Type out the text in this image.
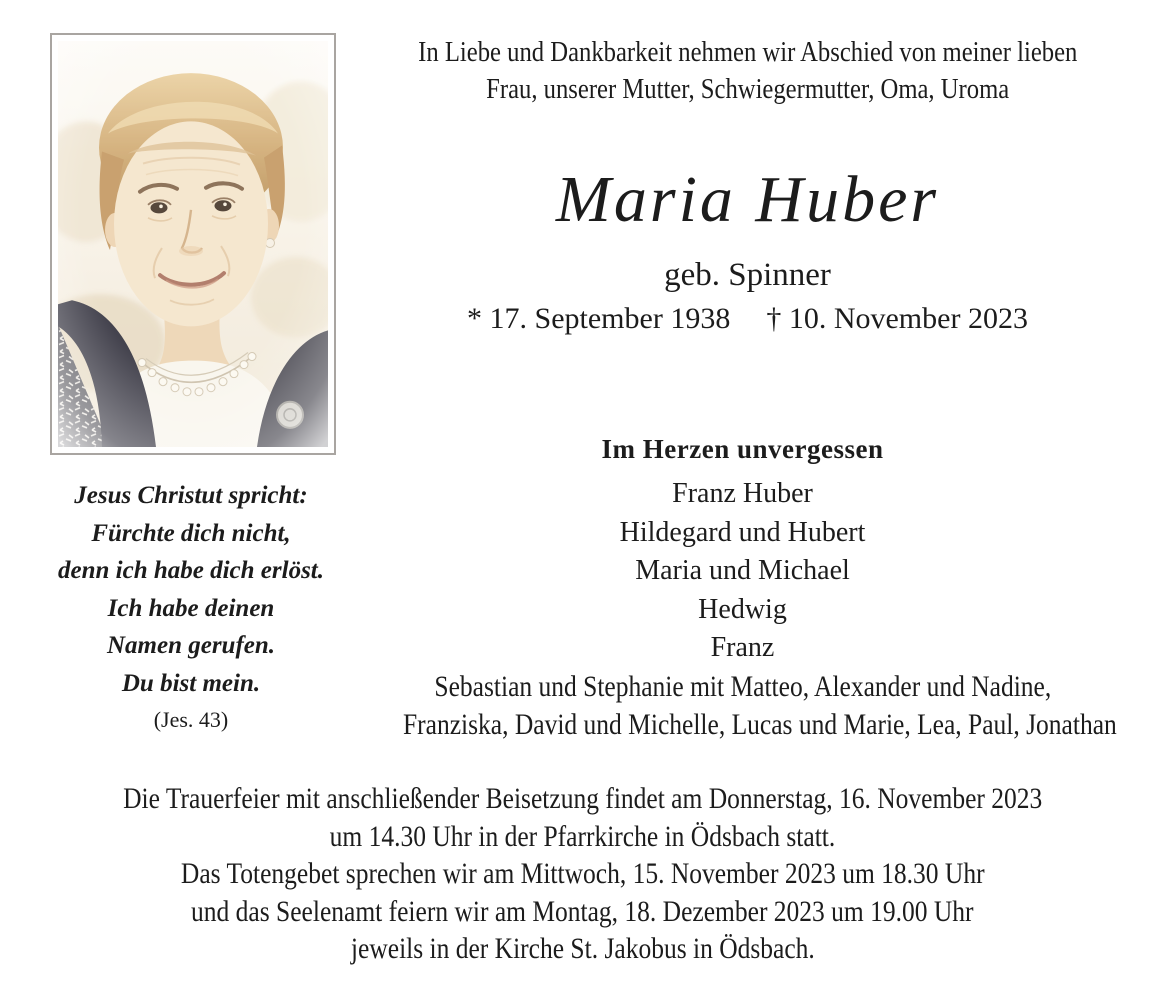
In Liebe und Dankbarkeit nehmen wir Abschied von meiner lieben
Frau, unserer Mutter, Schwiegermutter, Oma, Uroma
Maria Huber
geb. Spinner
* 17. September 1938 † 10. November 2023
Jesus Christut spricht:
Fürchte dich nicht,
denn ich habe dich erlöst.
Ich habe deinen
Namen gerufen.
Du bist mein.
(Jes. 43)
Im Herzen unvergessen
Franz Huber
Hildegard und Hubert
Maria und Michael
Hedwig
Franz
Sebastian und Stephanie mit Matteo, Alexander und Nadine,
Franziska, David und Michelle, Lucas und Marie, Lea, Paul, Jonathan
Die Trauerfeier mit anschließender Beisetzung findet am Donnerstag, 16. November 2023
um 14.30 Uhr in der Pfarrkirche in Ödsbach statt.
Das Totengebet sprechen wir am Mittwoch, 15. November 2023 um 18.30 Uhr
und das Seelenamt feiern wir am Montag, 18. Dezember 2023 um 19.00 Uhr
jeweils in der Kirche St. Jakobus in Ödsbach.
